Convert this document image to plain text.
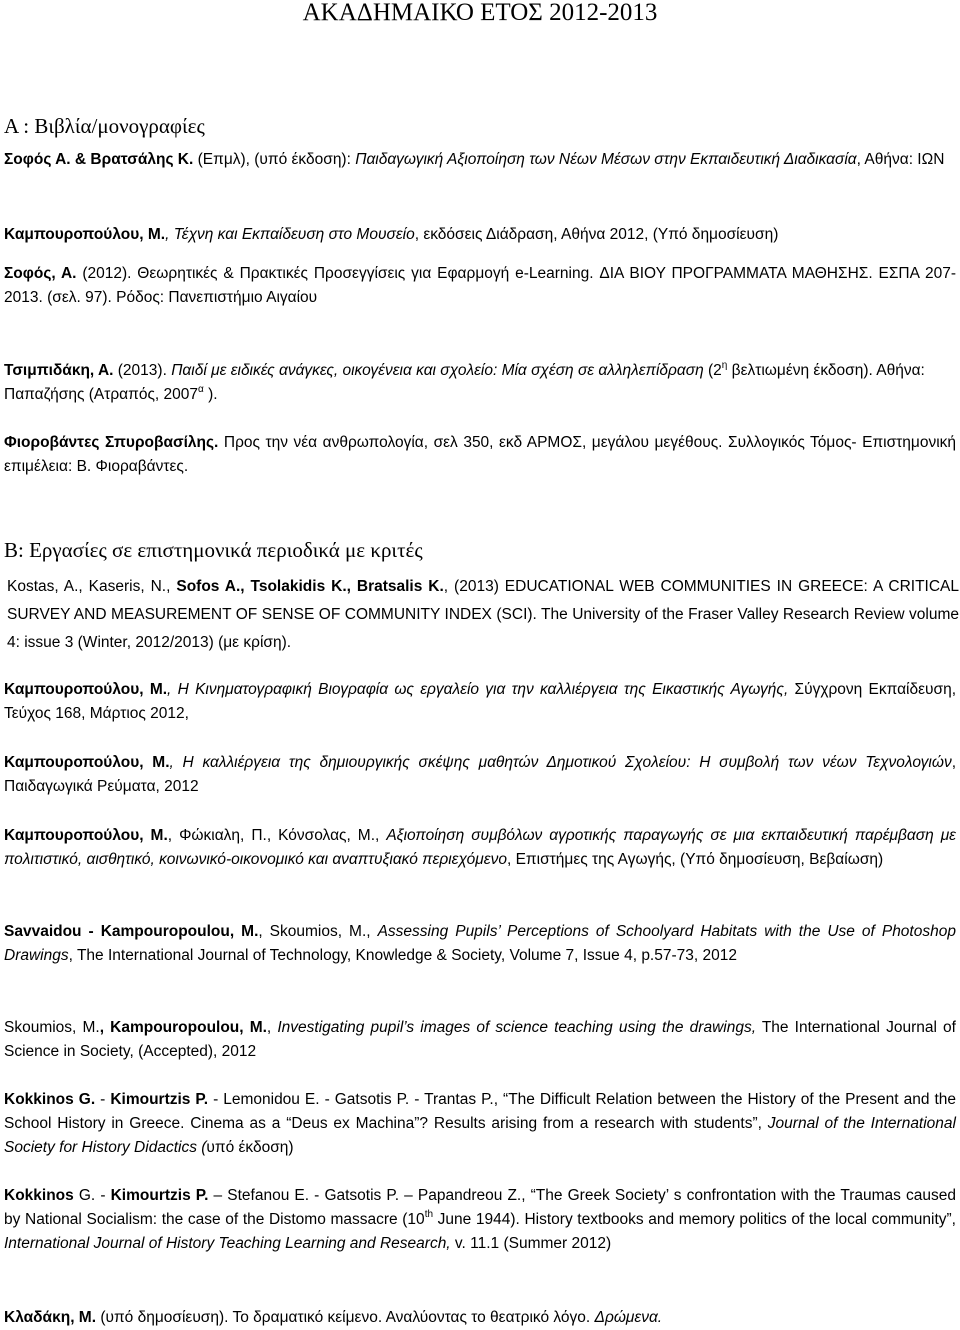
ΑΚΑΔΗΜΑΙΚΟ ΕΤΟΣ 2012-2013
Α : Βιβλία/μονογραφίες
Σοφός Α. & Βρατσάλης Κ. (Επμλ), (υπό έκδοση): Παιδαγωγική Αξιοποίηση των Νέων Μέσων στην Εκπαιδευτική Διαδικασία, Αθήνα: ΙΩΝ
Καμπουροπούλου, Μ., Τέχνη και Εκπαίδευση στο Μουσείο, εκδόσεις Διάδραση, Αθήνα 2012, (Υπό δημοσίευση)
Σοφός, Α. (2012). Θεωρητικές & Πρακτικές Προσεγγίσεις για Εφαρμογή e-Learning. ΔΙΑ ΒΙΟΥ ΠΡΟΓΡΑΜΜΑΤΑ ΜΑΘΗΣΗΣ. ΕΣΠΑ 207-2013. (σελ. 97). Ρόδος: Πανεπιστήμιο Αιγαίου
Τσιμπιδάκη, Α. (2013). Παιδί με ειδικές ανάγκες, οικογένεια και σχολείο: Μία σχέση σε αλληλεπίδραση ($2^\eta$ βελτιωμένη έκδοση). Αθήνα: Παπαζήσης (Ατραπός, $2007^\alpha$ ).
Φιοροβάντες Σπυροβασίλης. Προς την νέα ανθρωπολογία, σελ 350, εκδ ΑΡΜΟΣ, μεγάλου μεγέθους. Συλλογικός Τόμος- Επιστημονική επιμέλεια: Β. Φιοραβάντες.
Β: Εργασίες σε επιστημονικά περιοδικά με κριτές
Kostas, A., Kaseris, N., Sofos A., Tsolakidis K., Bratsalis K., (2013) EDUCATIONAL WEB COMMUNITIES IN GREECE: A CRITICAL SURVEY AND MEASUREMENT OF SENSE OF COMMUNITY INDEX (SCI). The University of the Fraser Valley Research Review volume 4: issue 3 (Winter, 2012/2013) (με κρίση).
Καμπουροπούλου, Μ., Η Κινηματογραφική Βιογραφία ως εργαλείο για την καλλιέργεια της Εικαστικής Αγωγής, Σύγχρονη Εκπαίδευση, Τεύχος 168, Μάρτιος 2012,
Καμπουροπούλου, Μ., Η καλλιέργεια της δημιουργικής σκέψης μαθητών Δημοτικού Σχολείου: Η συμβολή των νέων Τεχνολογιών, Παιδαγωγικά Ρεύματα, 2012
Καμπουροπούλου, Μ., Φώκιαλη, Π., Κόνσολας, Μ., Αξιοποίηση συμβόλων αγροτικής παραγωγής σε μια εκπαιδευτική παρέμβαση με πολιτιστικό, αισθητικό, κοινωνικό-οικονομικό και αναπτυξιακό περιεχόμενο, Επιστήμες της Αγωγής, (Υπό δημοσίευση, Βεβαίωση)
Savvaidou - Kampouropoulou, M., Skoumios, M., Assessing Pupils’ Perceptions of Schoolyard Habitats with the Use of Photoshop Drawings, The International Journal of Technology, Knowledge & Society, Volume 7, Issue 4, p.57-73, 2012
Skoumios, M., Kampouropoulou, M., Investigating pupil’s images of science teaching using the drawings, The International Journal of Science in Society, (Accepted), 2012
Kokkinos G. - Kimourtzis P. - Lemonidou E. - Gatsotis P. - Trantas P., “The Difficult Relation between the History of the Present and the School History in Greece. Cinema as a “Deus ex Machina”? Results arising from a research with students”, Journal of the International Society for History Didactics (υπό έκδοση)
Kokkinos G. - Kimourtzis P. – Stefanou E. - Gatsotis P. – Papandreou Z., “The Greek Society’ s confrontation with the Traumas caused by National Socialism: the case of the Distomo massacre (10th June 1944). History textbooks and memory politics of the local community”, International Journal of History Teaching Learning and Research, v. 11.1 (Summer 2012)
Κλαδάκη, Μ. (υπό δημοσίευση). Το δραματικό κείμενο. Αναλύοντας το θεατρικό λόγο. Δρώμενα.
